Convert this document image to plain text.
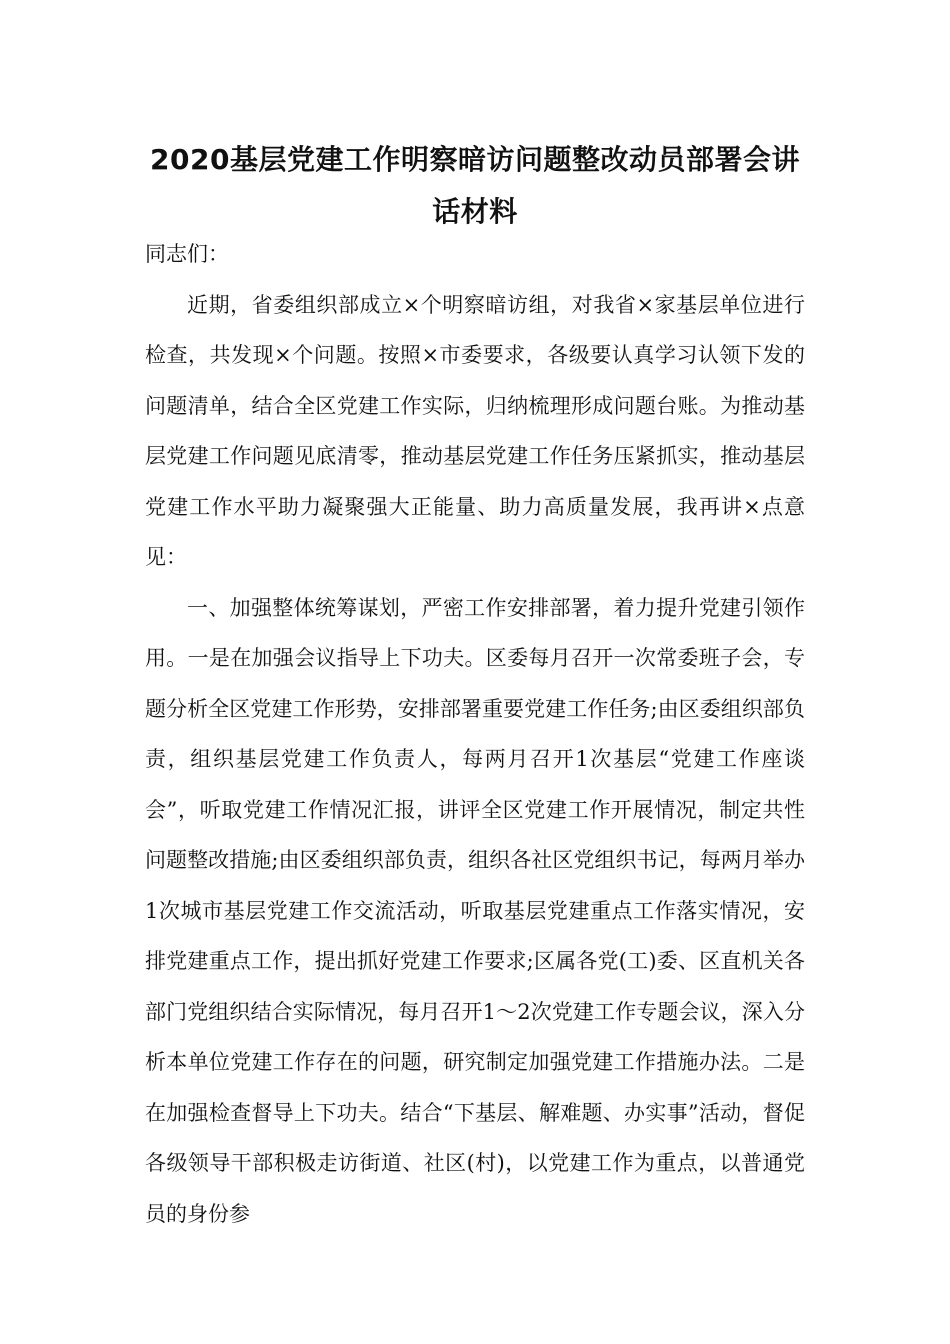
2020基层党建工作明察暗访问题整改动员部署会讲话材料

同志们：

近期，省委组织部成立×个明察暗访组，对我省×家基层单位进行检查，共发现×个问题。按照×市委要求，各级要认真学习认领下发的问题清单，结合全区党建工作实际，归纳梳理形成问题台账。为推动基层党建工作问题见底清零，推动基层党建工作任务压紧抓实，推动基层党建工作水平助力凝聚强大正能量、助力高质量发展，我再讲×点意见：

一、加强整体统筹谋划，严密工作安排部署，着力提升党建引领作用。一是在加强会议指导上下功夫。区委每月召开一次常委班子会，专题分析全区党建工作形势，安排部署重要党建工作任务;由区委组织部负责，组织基层党建工作负责人，每两月召开1次基层“党建工作座谈会”，听取党建工作情况汇报，讲评全区党建工作开展情况，制定共性问题整改措施;由区委组织部负责，组织各社区党组织书记，每两月举办1次城市基层党建工作交流活动，听取基层党建重点工作落实情况，安排党建重点工作，提出抓好党建工作要求;区属各党(工)委、区直机关各部门党组织结合实际情况，每月召开1～2次党建工作专题会议，深入分析本单位党建工作存在的问题，研究制定加强党建工作措施办法。二是在加强检查督导上下功夫。结合“下基层、解难题、办实事”活动，督促各级领导干部积极走访街道、社区(村)，以党建工作为重点，以普通党员的身份参
